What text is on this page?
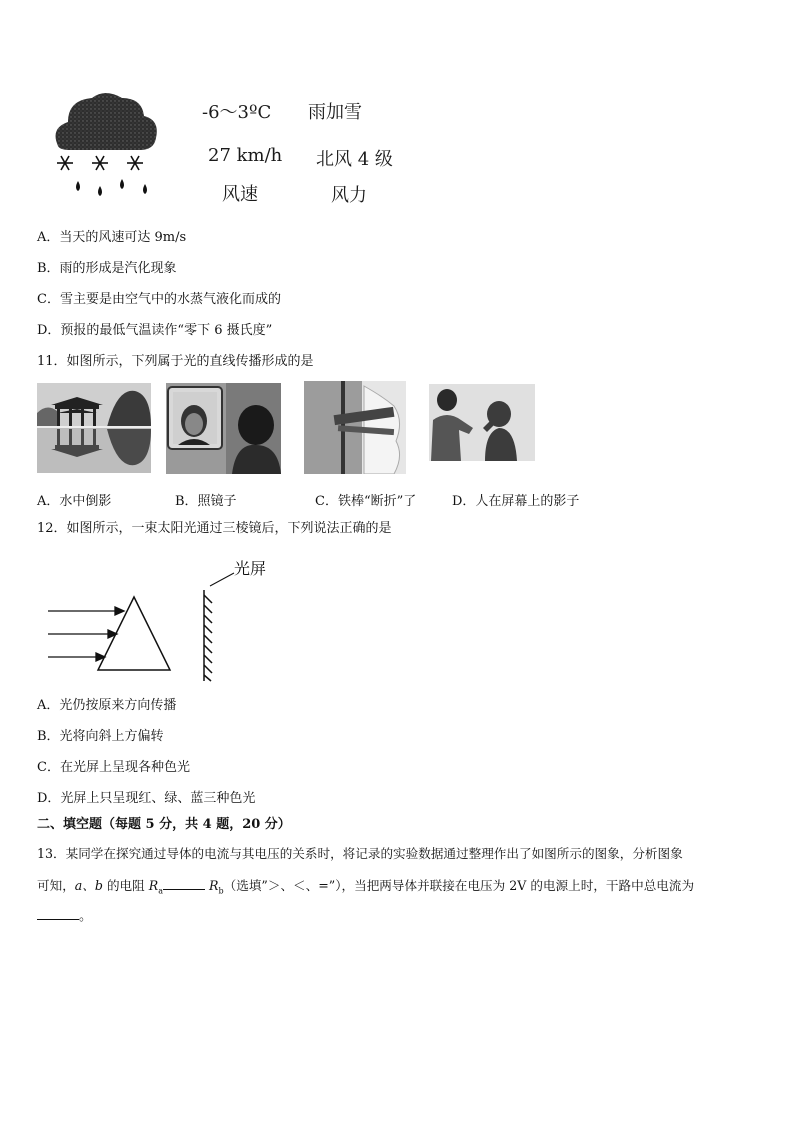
-6～3ºC 雨加雪
27 km/h 北风 4 级
风速	风力
A．当天的风速可达 9m/s
B．雨的形成是汽化现象
C．雪主要是由空气中的水蒸气液化而成的
D．预报的最低气温读作“零下 6 摄氏度”
11．如图所示，下列属于光的直线传播形成的是
A．水中倒影	B．照镜子	C．铁棒“断折”了	D．人在屏幕上的影子
12．如图所示，一束太阳光通过三棱镜后，下列说法正确的是
光屏
A．光仍按原来方向传播
B．光将向斜上方偏转
C．在光屏上呈现各种色光
D．光屏上只呈现红、绿、蓝三种色光
二、填空题（每题 5 分，共 4 题，20 分）
13．某同学在探究通过导体的电流与其电压的关系时，将记录的实验数据通过整理作出了如图所示的图象，分析图象
可知，a、b 的电阻 $R_a$	$R_b$（选填”＞、＜、=”），当把两导体并联接在电压为 2V 的电源上时，干路中总电流为
。
